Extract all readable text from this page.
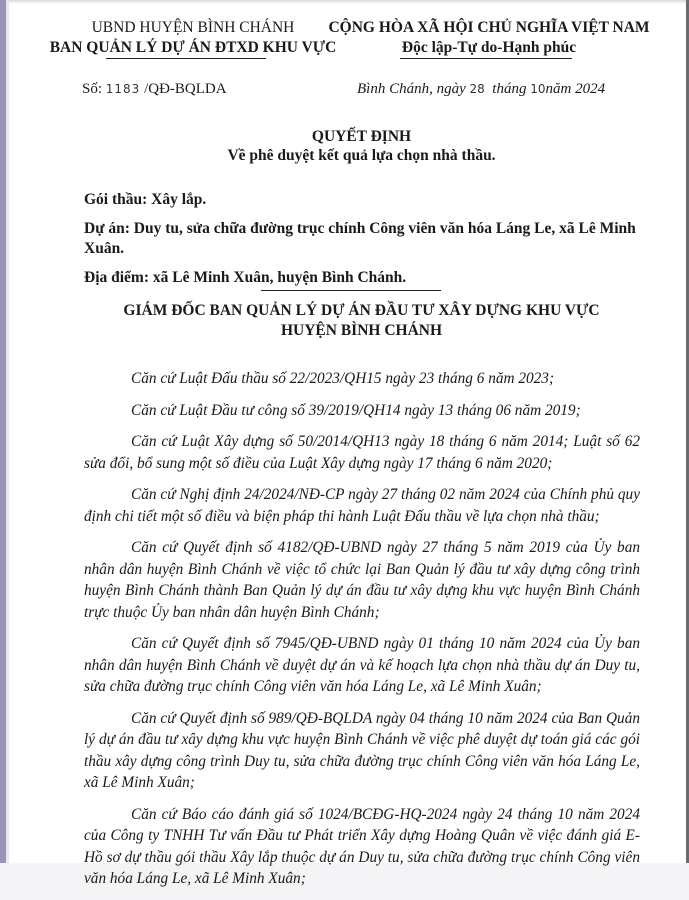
UBND HUYỆN BÌNH CHÁNH
BAN QUẢN LÝ DỰ ÁN ĐTXD KHU VỰC
CỘNG HÒA XÃ HỘI CHỦ NGHĨA VIỆT NAM
Độc lập-Tự do-Hạnh phúc
Số: 1183 /QĐ-BQLDA	Bình Chánh, ngày 28 tháng 10năm 2024
QUYẾT ĐỊNH
Về phê duyệt kết quả lựa chọn nhà thầu.

Gói thầu: Xây lắp.

Dự án: Duy tu, sửa chữa đường trục chính Công viên văn hóa Láng Le, xã Lê Minh Xuân.

Địa điểm: xã Lê Minh Xuân, huyện Bình Chánh.

GIÁM ĐỐC BAN QUẢN LÝ DỰ ÁN ĐẦU TƯ XÂY DỰNG KHU VỰC
HUYỆN BÌNH CHÁNH

Căn cứ Luật Đấu thầu số 22/2023/QH15 ngày 23 tháng 6 năm 2023;

Căn cứ Luật Đầu tư công số 39/2019/QH14 ngày 13 tháng 06 năm 2019;

Căn cứ Luật Xây dựng số 50/2014/QH13 ngày 18 tháng 6 năm 2014; Luật số 62 sửa đổi, bổ sung một số điều của Luật Xây dựng ngày 17 tháng 6 năm 2020;

Căn cứ Nghị định 24/2024/NĐ-CP ngày 27 tháng 02 năm 2024 của Chính phủ quy định chi tiết một số điều và biện pháp thi hành Luật Đấu thầu về lựa chọn nhà thầu;

Căn cứ Quyết định số 4182/QĐ-UBND ngày 27 tháng 5 năm 2019 của Ủy ban nhân dân huyện Bình Chánh về việc tổ chức lại Ban Quản lý đầu tư xây dựng công trình huyện Bình Chánh thành Ban Quản lý dự án đầu tư xây dựng khu vực huyện Bình Chánh trực thuộc Ủy ban nhân dân huyện Bình Chánh;

Căn cứ Quyết định số 7945/QĐ-UBND ngày 01 tháng 10 năm 2024 của Ủy ban nhân dân huyện Bình Chánh về duyệt dự án và kế hoạch lựa chọn nhà thầu dự án Duy tu, sửa chữa đường trục chính Công viên văn hóa Láng Le, xã Lê Minh Xuân;

Căn cứ Quyết định số 989/QĐ-BQLDA ngày 04 tháng 10 năm 2024 của Ban Quản lý dự án đầu tư xây dựng khu vực huyện Bình Chánh về việc phê duyệt dự toán giá các gói thầu xây dựng công trình Duy tu, sửa chữa đường trục chính Công viên văn hóa Láng Le, xã Lê Minh Xuân;

Căn cứ Báo cáo đánh giá số 1024/BCĐG-HQ-2024 ngày 24 tháng 10 năm 2024 của Công ty TNHH Tư vấn Đầu tư Phát triển Xây dựng Hoàng Quân về việc đánh giá E-Hồ sơ dự thầu gói thầu Xây lắp thuộc dự án Duy tu, sửa chữa đường trục chính Công viên văn hóa Láng Le, xã Lê Minh Xuân;
